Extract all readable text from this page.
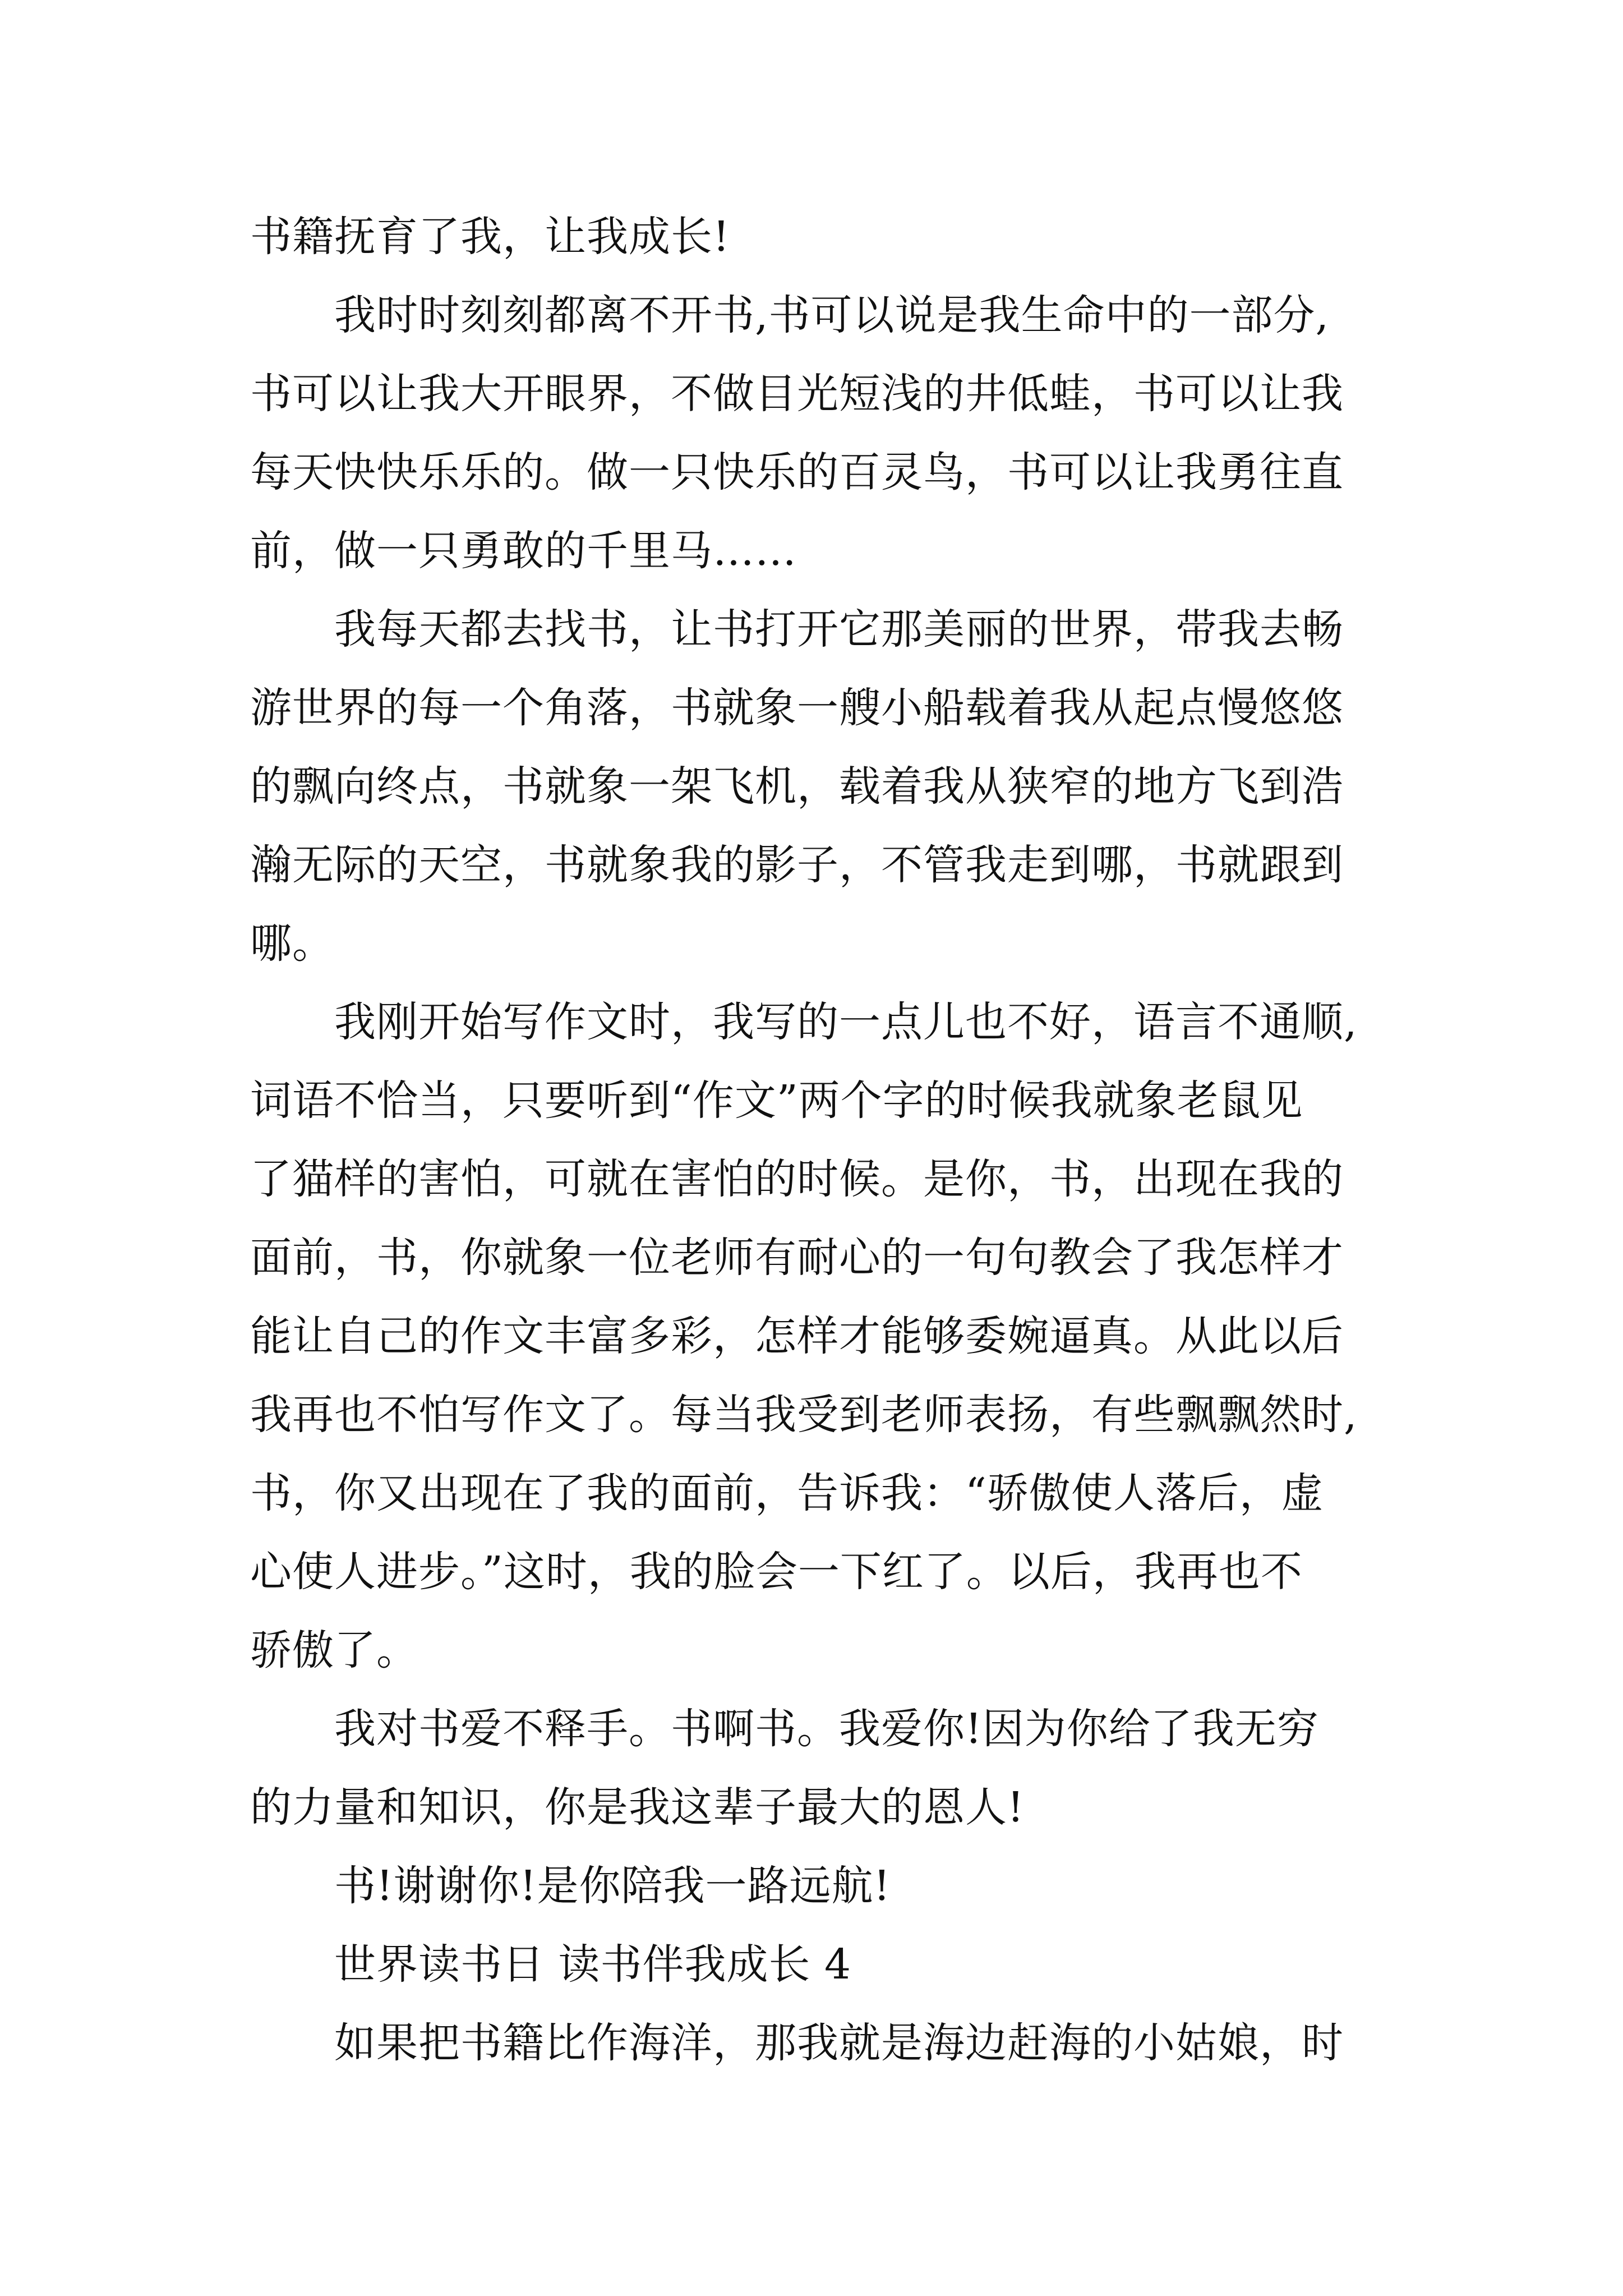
书籍抚育了我，让我成长!
我时时刻刻都离不开书,书可以说是我生命中的一部分,
书可以让我大开眼界，不做目光短浅的井低蛙，书可以让我
每天快快乐乐的。做一只快乐的百灵鸟，书可以让我勇往直
前，做一只勇敢的千里马……
我每天都去找书，让书打开它那美丽的世界，带我去畅
游世界的每一个角落，书就象一艘小船载着我从起点慢悠悠
的飘向终点，书就象一架飞机，载着我从狭窄的地方飞到浩
瀚无际的天空，书就象我的影子，不管我走到哪，书就跟到
哪。
我刚开始写作文时，我写的一点儿也不好，语言不通顺,
词语不恰当，只要听到“作文”两个字的时候我就象老鼠见
了猫样的害怕，可就在害怕的时候。是你，书，出现在我的
面前，书，你就象一位老师有耐心的一句句教会了我怎样才
能让自己的作文丰富多彩，怎样才能够委婉逼真。从此以后
我再也不怕写作文了。每当我受到老师表扬，有些飘飘然时,
书，你又出现在了我的面前，告诉我：“骄傲使人落后，虚
心使人进步。”这时，我的脸会一下红了。以后，我再也不
骄傲了。
我对书爱不释手。书啊书。我爱你!因为你给了我无穷
的力量和知识，你是我这辈子最大的恩人!
书!谢谢你!是你陪我一路远航!
世界读书日 读书伴我成长 4
如果把书籍比作海洋，那我就是海边赶海的小姑娘，时
